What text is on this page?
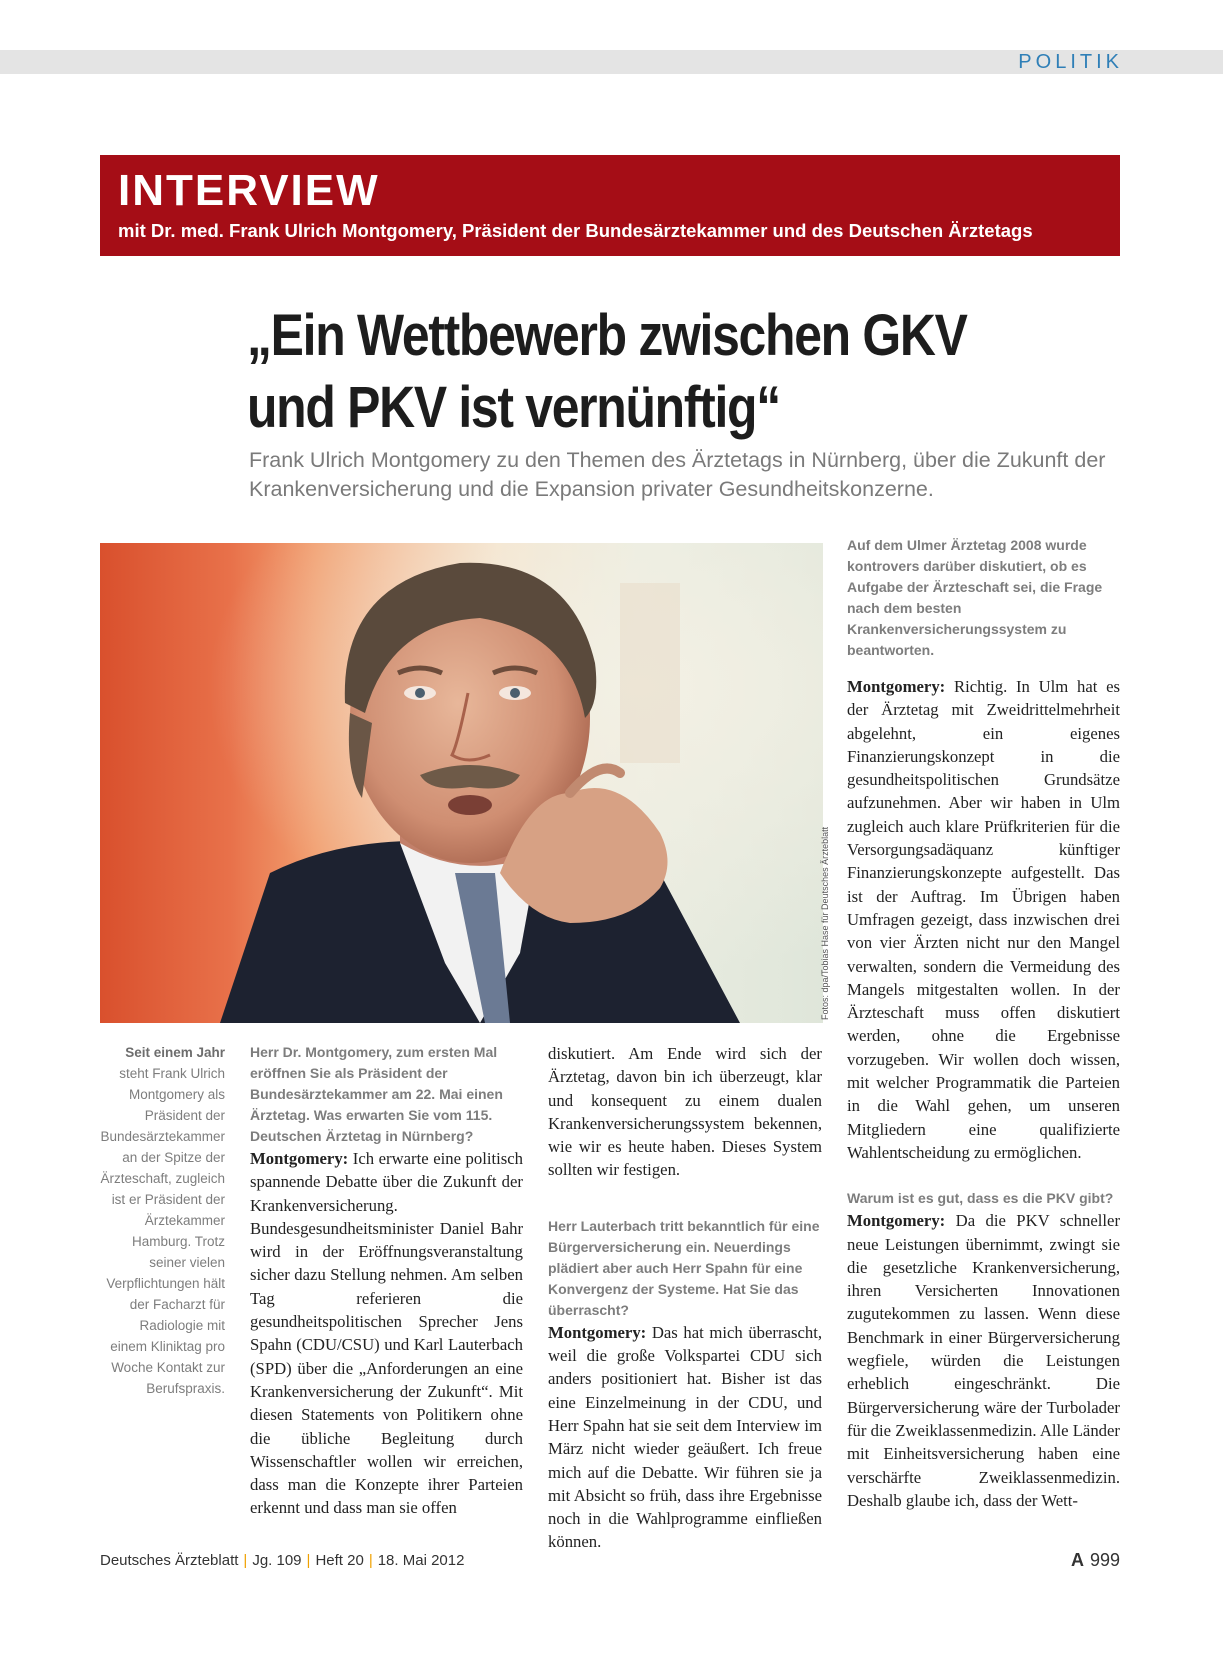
POLITIK
INTERVIEW
mit Dr. med. Frank Ulrich Montgomery, Präsident der Bundesärztekammer und des Deutschen Ärztetags
„Ein Wettbewerb zwischen GKV
und PKV ist vernünftig“
Frank Ulrich Montgomery zu den Themen des Ärztetags in Nürnberg, über die Zukunft der Krankenversicherung und die Expansion privater Gesundheitskonzerne.
Fotos: dpa/Tobias Hase für Deutsches Ärzteblatt
Seit einem Jahr steht Frank Ulrich Montgomery als Präsident der Bundesärztekammer an der Spitze der Ärzteschaft, zugleich ist er Präsident der Ärztekammer Hamburg. Trotz seiner vielen Verpflichtungen hält der Facharzt für Radiologie mit einem Kliniktag pro Woche Kontakt zur Berufspraxis.

Herr Dr. Montgomery, zum ersten Mal eröffnen Sie als Präsident der Bundesärztekammer am 22. Mai einen Ärztetag. Was erwarten Sie vom 115. Deutschen Ärztetag in Nürnberg?

Montgomery: Ich erwarte eine politisch spannende Debatte über die Zukunft der Krankenversicherung. Bundesgesundheitsminister Daniel Bahr wird in der Eröffnungsveranstaltung sicher dazu Stellung nehmen. Am selben Tag referieren die gesundheitspolitischen Sprecher Jens Spahn (CDU/CSU) und Karl Lauterbach (SPD) über die „Anforderungen an eine Krankenversicherung der Zukunft“. Mit diesen Statements von Politikern ohne die übliche Begleitung durch Wissenschaftler wollen wir erreichen, dass man die Konzepte ihrer Parteien erkennt und dass man sie offen

diskutiert. Am Ende wird sich der Ärztetag, davon bin ich überzeugt, klar und konsequent zu einem dualen Krankenversicherungssystem bekennen, wie wir es heute haben. Dieses System sollten wir festigen.

Herr Lauterbach tritt bekanntlich für eine Bürgerversicherung ein. Neuerdings plädiert aber auch Herr Spahn für eine Konvergenz der Systeme. Hat Sie das überrascht?

Montgomery: Das hat mich überrascht, weil die große Volkspartei CDU sich anders positioniert hat. Bisher ist das eine Einzelmeinung in der CDU, und Herr Spahn hat sie seit dem Interview im März nicht wieder geäußert. Ich freue mich auf die Debatte. Wir führen sie ja mit Absicht so früh, dass ihre Ergebnisse noch in die Wahlprogramme einfließen können.

Auf dem Ulmer Ärztetag 2008 wurde kontrovers darüber diskutiert, ob es Aufgabe der Ärzteschaft sei, die Frage nach dem besten Krankenversicherungssystem zu beantworten.

Montgomery: Richtig. In Ulm hat es der Ärztetag mit Zweidrittelmehrheit abgelehnt, ein eigenes Finanzierungskonzept in die gesundheitspolitischen Grundsätze aufzunehmen. Aber wir haben in Ulm zugleich auch klare Prüfkriterien für die Versorgungsadäquanz künftiger Finanzierungskonzepte aufgestellt. Das ist der Auftrag. Im Übrigen haben Umfragen gezeigt, dass inzwischen drei von vier Ärzten nicht nur den Mangel verwalten, sondern die Vermeidung des Mangels mitgestalten wollen. In der Ärzteschaft muss offen diskutiert werden, ohne die Ergebnisse vorzugeben. Wir wollen doch wissen, mit welcher Programmatik die Parteien in die Wahl gehen, um unseren Mitgliedern eine qualifizierte Wahlentscheidung zu ermöglichen.

Warum ist es gut, dass es die PKV gibt?

Montgomery: Da die PKV schneller neue Leistungen übernimmt, zwingt sie die gesetzliche Krankenversicherung, ihren Versicherten Innovationen zugutekommen zu lassen. Wenn diese Benchmark in einer Bürgerversicherung wegfiele, würden die Leistungen erheblich eingeschränkt. Die Bürgerversicherung wäre der Turbolader für die Zweiklassenmedizin. Alle Länder mit Einheitsversicherung haben eine verschärfte Zweiklassenmedizin. Deshalb glaube ich, dass der Wett-

Deutsches Ärzteblatt | Jg. 109 | Heft 20 | 18. Mai 2012	A 999
